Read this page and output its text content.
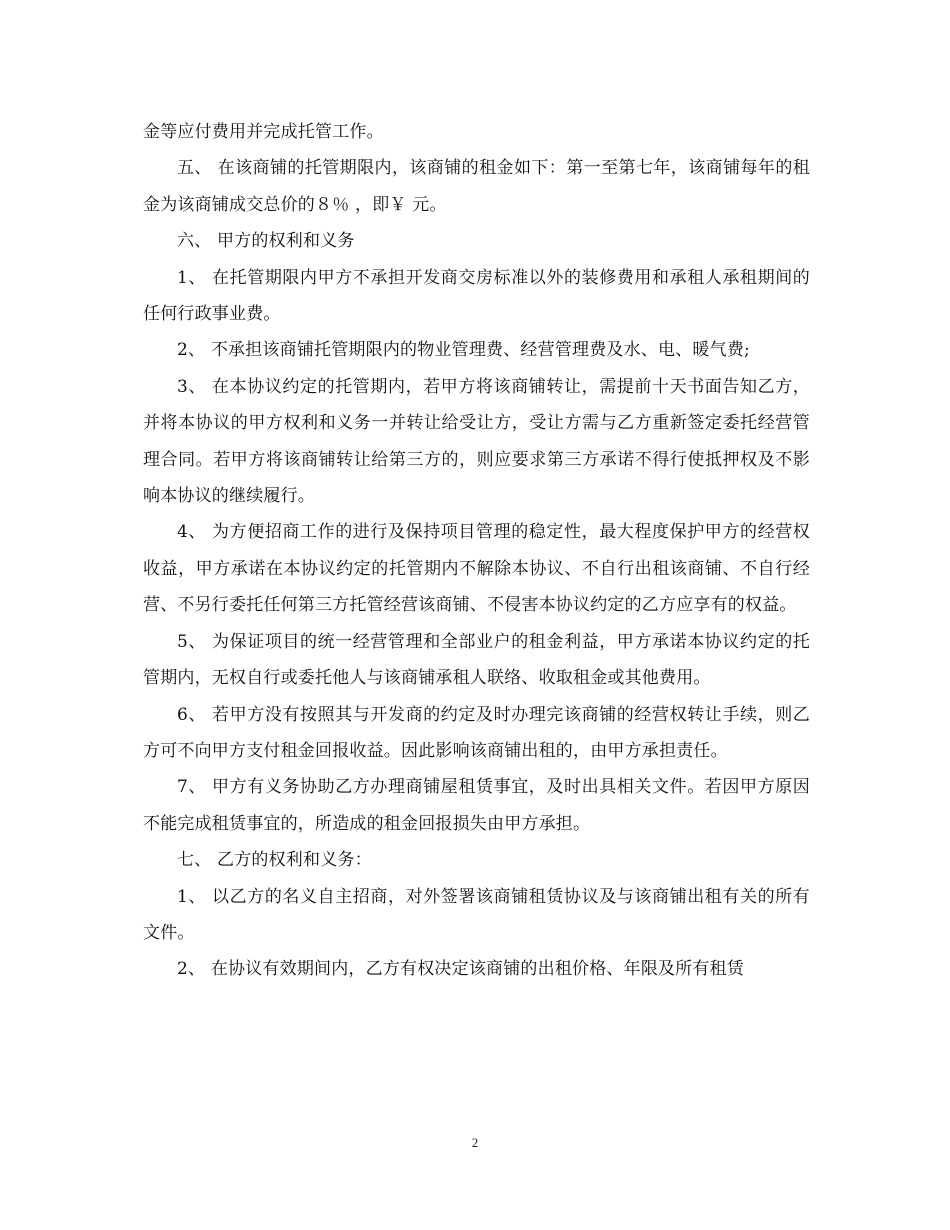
金等应付费用并完成托管工作。

五、 在该商铺的托管期限内，该商铺的租金如下：第一至第七年，该商铺每年的租金为该商铺成交总价的８％ ，即￥ 元。

六、 甲方的权利和义务

1、 在托管期限内甲方不承担开发商交房标准以外的装修费用和承租人承租期间的任何行政事业费。

2、 不承担该商铺托管期限内的物业管理费、经营管理费及水、电、暖气费;

3、 在本协议约定的托管期内，若甲方将该商铺转让，需提前十天书面告知乙方，并将本协议的甲方权利和义务一并转让给受让方，受让方需与乙方重新签定委托经营管理合同。若甲方将该商铺转让给第三方的，则应要求第三方承诺不得行使抵押权及不影响本协议的继续履行。

4、 为方便招商工作的进行及保持项目管理的稳定性，最大程度保护甲方的经营权收益，甲方承诺在本协议约定的托管期内不解除本协议、不自行出租该商铺、不自行经营、不另行委托任何第三方托管经营该商铺、不侵害本协议约定的乙方应享有的权益。

5、 为保证项目的统一经营管理和全部业户的租金利益，甲方承诺本协议约定的托管期内，无权自行或委托他人与该商铺承租人联络、收取租金或其他费用。

6、 若甲方没有按照其与开发商的约定及时办理完该商铺的经营权转让手续，则乙方可不向甲方支付租金回报收益。因此影响该商铺出租的，由甲方承担责任。

7、 甲方有义务协助乙方办理商铺屋租赁事宜，及时出具相关文件。若因甲方原因不能完成租赁事宜的，所造成的租金回报损失由甲方承担。

七、 乙方的权利和义务：

1、 以乙方的名义自主招商，对外签署该商铺租赁协议及与该商铺出租有关的所有文件。

2、 在协议有效期间内，乙方有权决定该商铺的出租价格、年限及所有租赁

2
